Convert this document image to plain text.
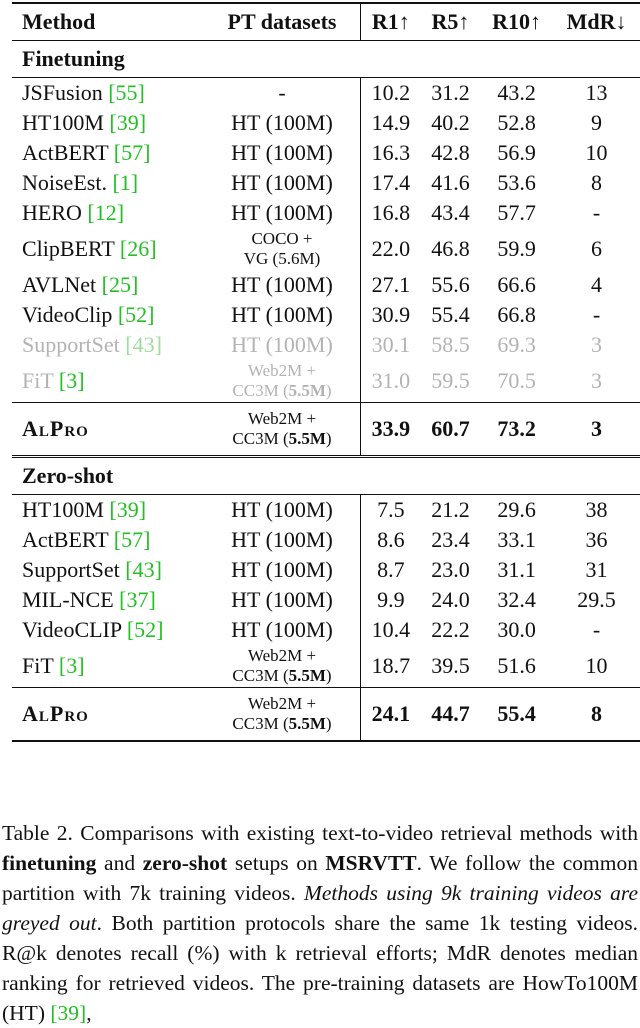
Method	PT datasets	R1↑	R5↑	R10↑	MdR↓
Finetuning					
JSFusion [55]	-	10.2	31.2	43.2	13
HT100M [39]	HT (100M)	14.9	40.2	52.8	9
ActBERT [57]	HT (100M)	16.3	42.8	56.9	10
NoiseEst. [1]	HT (100M)	17.4	41.6	53.6	8
HERO [12]	HT (100M)	16.8	43.4	57.7	-
ClipBERT [26]	COCO +
VG (5.6M)	22.0	46.8	59.9	6
AVLNet [25]	HT (100M)	27.1	55.6	66.6	4
VideoClip [52]	HT (100M)	30.9	55.4	66.8	-
SupportSet [43]	HT (100M)	30.1	58.5	69.3	3
FiT [3]	Web2M +
CC3M (5.5M)	31.0	59.5	70.5	3
AlPro	Web2M +
CC3M (5.5M)	33.9	60.7	73.2	3
Zero-shot					
HT100M [39]	HT (100M)	7.5	21.2	29.6	38
ActBERT [57]	HT (100M)	8.6	23.4	33.1	36
SupportSet [43]	HT (100M)	8.7	23.0	31.1	31
MIL-NCE [37]	HT (100M)	9.9	24.0	32.4	29.5
VideoCLIP [52]	HT (100M)	10.4	22.2	30.0	-
FiT [3]	Web2M +
CC3M (5.5M)	18.7	39.5	51.6	10
AlPro	Web2M +
CC3M (5.5M)	24.1	44.7	55.4	8
Table 2. Comparisons with existing text-to-video retrieval methods with finetuning and zero-shot setups on MSRVTT. We follow the common partition with 7k training videos. Methods using 9k training videos are greyed out. Both partition protocols share the same 1k testing videos. R@k denotes recall (%) with k retrieval efforts; MdR denotes median ranking for retrieved videos. The pre-training datasets are HowTo100M (HT) [39],
